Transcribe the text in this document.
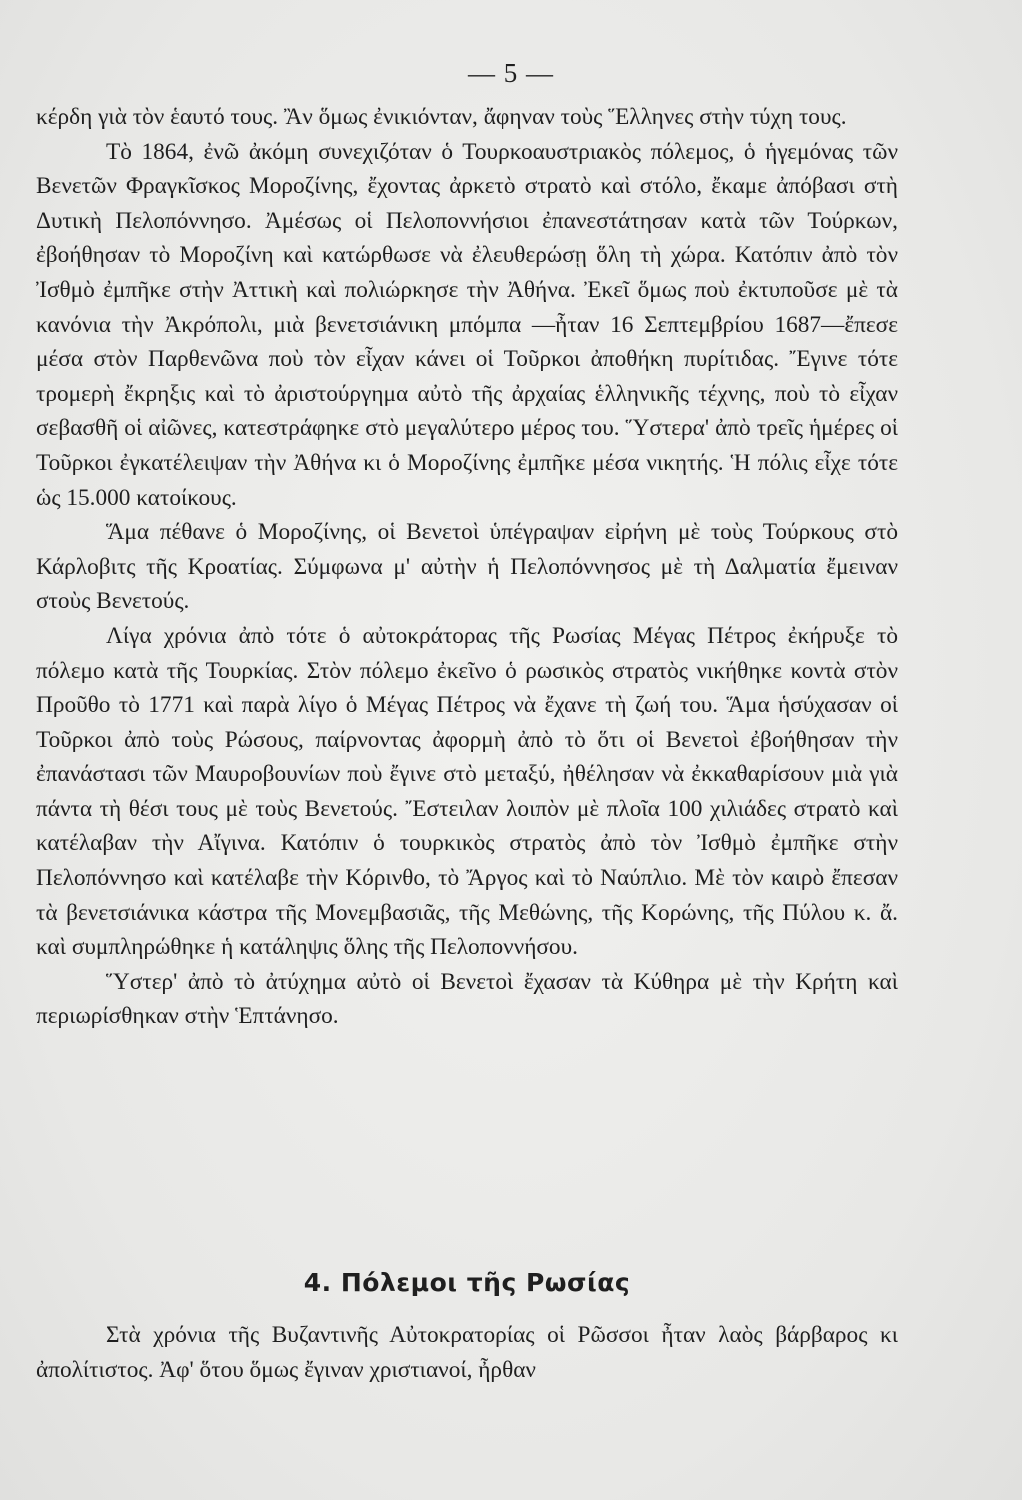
— 5 —

κέρδη γιὰ τὸν ἑαυτό τους. Ἂν ὅμως ἐνικιόνταν, ἄφηναν τοὺς Ἕλληνες στὴν τύχη τους.

Τὸ 1864, ἐνῶ ἀκόμη συνεχιζόταν ὁ Τουρκοαυστριακὸς πόλεμος, ὁ ἡγεμόνας τῶν Βενετῶν Φραγκῖσκος Μοροζίνης, ἔχοντας ἀρκετὸ στρατὸ καὶ στόλο, ἔκαμε ἀπόβασι στὴ Δυτικὴ Πελοπόννησο. Ἀμέσως οἱ Πελοποννήσιοι ἐπανεστάτησαν κατὰ τῶν Τούρκων, ἐβοήθησαν τὸ Μοροζίνη καὶ κατώρθωσε νὰ ἐλευθερώσῃ ὅλη τὴ χώρα. Κατόπιν ἀπὸ τὸν Ἰσθμὸ ἐμπῆκε στὴν Ἀττικὴ καὶ πολιώρκησε τὴν Ἀθήνα. Ἐκεῖ ὅμως ποὺ ἐκτυποῦσε μὲ τὰ κανόνια τὴν Ἀκρόπολι, μιὰ βενετσιάνικη μπόμπα —ἦταν 16 Σεπτεμβρίου 1687—ἔπεσε μέσα στὸν Παρθενῶνα ποὺ τὸν εἶχαν κάνει οἱ Τοῦρκοι ἀποθήκη πυρίτιδας. Ἔγινε τότε τρομερὴ ἔκρηξις καὶ τὸ ἀριστούργημα αὐτὸ τῆς ἀρχαίας ἑλληνικῆς τέχνης, ποὺ τὸ εἶχαν σεβασθῆ οἱ αἰῶνες, κατεστράφηκε στὸ μεγαλύτερο μέρος του. Ὕστερα' ἀπὸ τρεῖς ἡμέρες οἱ Τοῦρκοι ἐγκατέλειψαν τὴν Ἀθήνα κι ὁ Μοροζίνης ἐμπῆκε μέσα νικητής. Ἡ πόλις εἶχε τότε ὡς 15.000 κατοίκους.

Ἅμα πέθανε ὁ Μοροζίνης, οἱ Βενετοὶ ὑπέγραψαν εἰρήνη μὲ τοὺς Τούρκους στὸ Κάρλοβιτς τῆς Κροατίας. Σύμφωνα μ' αὐτὴν ἡ Πελοπόννησος μὲ τὴ Δαλματία ἔμειναν στοὺς Βενετούς.

Λίγα χρόνια ἀπὸ τότε ὁ αὐτοκράτορας τῆς Ρωσίας Μέγας Πέτρος ἐκήρυξε τὸ πόλεμο κατὰ τῆς Τουρκίας. Στὸν πόλεμο ἐκεῖνο ὁ ρωσικὸς στρατὸς νικήθηκε κοντὰ στὸν Προῦθο τὸ 1771 καὶ παρὰ λίγο ὁ Μέγας Πέτρος νὰ ἔχανε τὴ ζωή του. Ἅμα ἡσύχασαν οἱ Τοῦρκοι ἀπὸ τοὺς Ρώσους, παίρνοντας ἀφορμὴ ἀπὸ τὸ ὅτι οἱ Βενετοὶ ἐβοήθησαν τὴν ἐπανάστασι τῶν Μαυροβουνίων ποὺ ἔγινε στὸ μεταξύ, ἠθέλησαν νὰ ἐκκαθαρίσουν μιὰ γιὰ πάντα τὴ θέσι τους μὲ τοὺς Βενετούς. Ἔστειλαν λοιπὸν μὲ πλοῖα 100 χιλιάδες στρατὸ καὶ κατέλαβαν τὴν Αἴγινα. Κατόπιν ὁ τουρκικὸς στρατὸς ἀπὸ τὸν Ἰσθμὸ ἐμπῆκε στὴν Πελοπόννησο καὶ κατέλαβε τὴν Κόρινθο, τὸ Ἄργος καὶ τὸ Ναύπλιο. Μὲ τὸν καιρὸ ἔπεσαν τὰ βενετσιάνικα κάστρα τῆς Μονεμβασιᾶς, τῆς Μεθώνης, τῆς Κορώνης, τῆς Πύλου κ. ἄ. καὶ συμπληρώθηκε ἡ κατάληψις ὅλης τῆς Πελοποννήσου.

Ὕστερ' ἀπὸ τὸ ἀτύχημα αὐτὸ οἱ Βενετοὶ ἔχασαν τὰ Κύθηρα μὲ τὴν Κρήτη καὶ περιωρίσθηκαν στὴν Ἑπτάνησο.

4. Πόλεμοι τῆς Ρωσίας

Στὰ χρόνια τῆς Βυζαντινῆς Αὐτοκρατορίας οἱ Ρῶσσοι ἦταν λαὸς βάρβαρος κι ἀπολίτιστος. Ἀφ' ὅτου ὅμως ἔγιναν χριστιανοί, ἦρθαν
